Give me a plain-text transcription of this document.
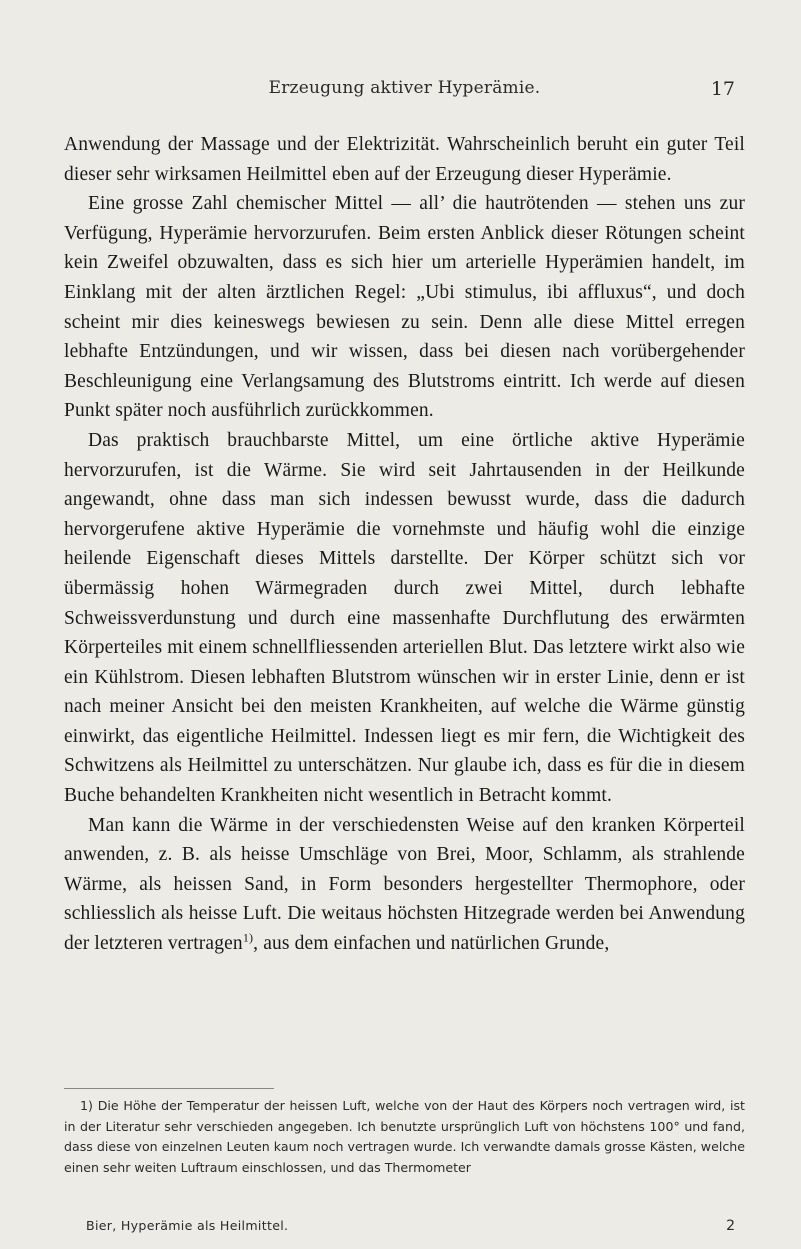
Erzeugung aktiver Hyperämie.	17

Anwendung der Massage und der Elektrizität. Wahrscheinlich beruht ein guter Teil dieser sehr wirksamen Heilmittel eben auf der Erzeugung dieser Hyperämie.

Eine grosse Zahl chemischer Mittel — all’ die hautrötenden — stehen uns zur Verfügung, Hyperämie hervorzurufen. Beim ersten Anblick dieser Rötungen scheint kein Zweifel obzuwalten, dass es sich hier um arterielle Hyperämien handelt, im Einklang mit der alten ärztlichen Regel: „Ubi stimulus, ibi affluxus“, und doch scheint mir dies keineswegs bewiesen zu sein. Denn alle diese Mittel erregen lebhafte Entzündungen, und wir wissen, dass bei diesen nach vorübergehender Beschleunigung eine Verlangsamung des Blutstroms eintritt. Ich werde auf diesen Punkt später noch ausführlich zurückkommen.

Das praktisch brauchbarste Mittel, um eine örtliche aktive Hyperämie hervorzurufen, ist die Wärme. Sie wird seit Jahrtausenden in der Heilkunde angewandt, ohne dass man sich indessen bewusst wurde, dass die dadurch hervorgerufene aktive Hyperämie die vornehmste und häufig wohl die einzige heilende Eigenschaft dieses Mittels darstellte. Der Körper schützt sich vor übermässig hohen Wärmegraden durch zwei Mittel, durch lebhafte Schweissverdunstung und durch eine massenhafte Durchflutung des erwärmten Körperteiles mit einem schnellfliessenden arteriellen Blut. Das letztere wirkt also wie ein Kühlstrom. Diesen lebhaften Blutstrom wünschen wir in erster Linie, denn er ist nach meiner Ansicht bei den meisten Krankheiten, auf welche die Wärme günstig einwirkt, das eigentliche Heilmittel. Indessen liegt es mir fern, die Wichtigkeit des Schwitzens als Heilmittel zu unterschätzen. Nur glaube ich, dass es für die in diesem Buche behandelten Krankheiten nicht wesentlich in Betracht kommt.

Man kann die Wärme in der verschiedensten Weise auf den kranken Körperteil anwenden, z. B. als heisse Umschläge von Brei, Moor, Schlamm, als strahlende Wärme, als heissen Sand, in Form besonders hergestellter Thermophore, oder schliesslich als heisse Luft. Die weitaus höchsten Hitzegrade werden bei Anwendung der letzteren vertragen$^{1)}$, aus dem einfachen und natürlichen Grunde,

1) Die Höhe der Temperatur der heissen Luft, welche von der Haut des Körpers noch vertragen wird, ist in der Literatur sehr verschieden angegeben. Ich benutzte ursprünglich Luft von höchstens 100° und fand, dass diese von einzelnen Leuten kaum noch vertragen wurde. Ich verwandte damals grosse Kästen, welche einen sehr weiten Luftraum einschlossen, und das Thermometer

Bier, Hyperämie als Heilmittel.	2
